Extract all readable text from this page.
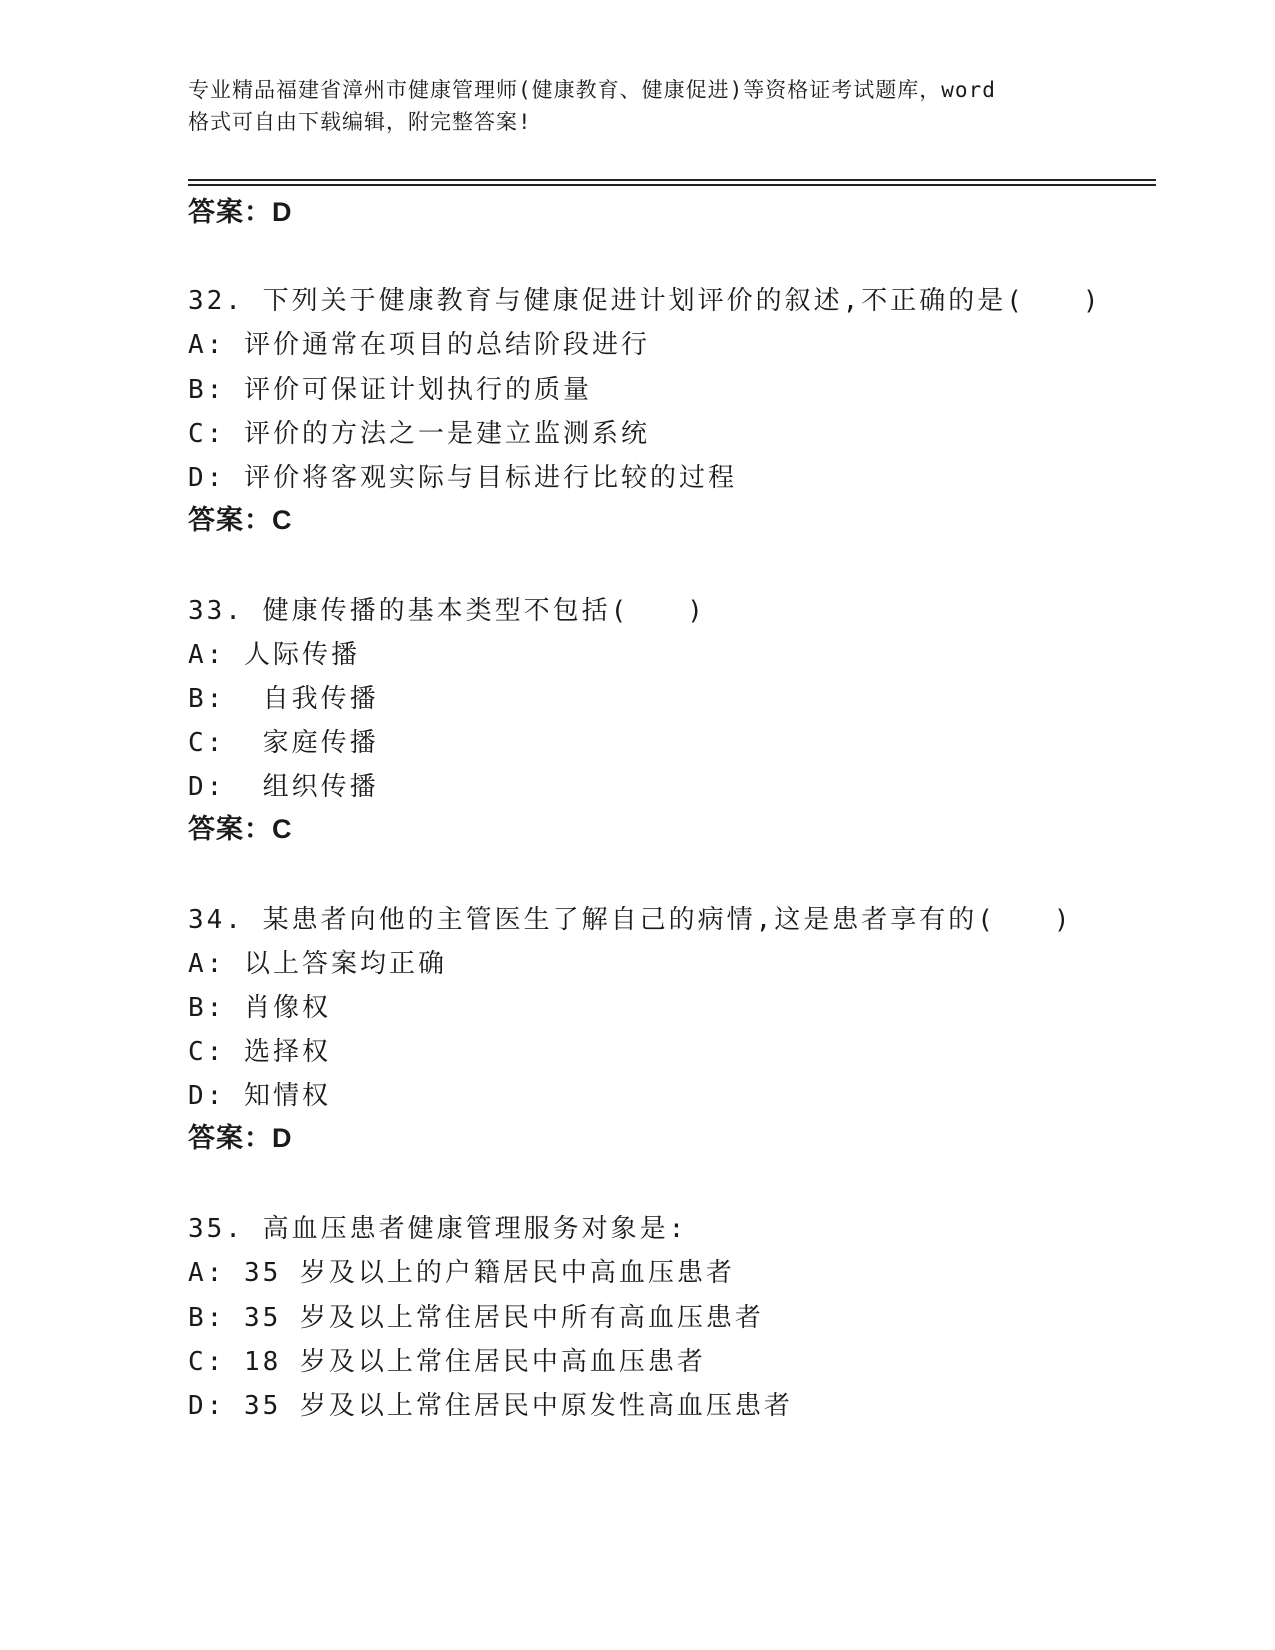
专业精品福建省漳州市健康管理师(健康教育、健康促进)等资格证考试题库，word
格式可自由下载编辑，附完整答案!
答案：D
32. 下列关于健康教育与健康促进计划评价的叙述,不正确的是(　　)
A: 评价通常在项目的总结阶段进行
B: 评价可保证计划执行的质量
C: 评价的方法之一是建立监测系统
D: 评价将客观实际与目标进行比较的过程
答案：C
33. 健康传播的基本类型不包括(　　)
A: 人际传播
B:  自我传播
C:  家庭传播
D:  组织传播
答案：C
34. 某患者向他的主管医生了解自己的病情,这是患者享有的(　　)
A: 以上答案均正确
B: 肖像权
C: 选择权
D: 知情权
答案：D
35. 高血压患者健康管理服务对象是:
A: 35 岁及以上的户籍居民中高血压患者
B: 35 岁及以上常住居民中所有高血压患者
C: 18 岁及以上常住居民中高血压患者
D: 35 岁及以上常住居民中原发性高血压患者
